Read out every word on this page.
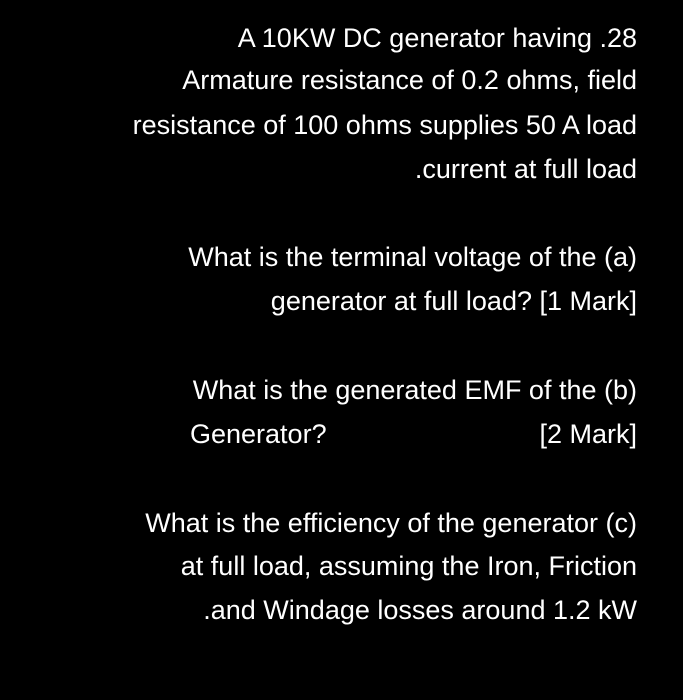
A 10KW DC generator having .28
Armature resistance of 0.2 ohms, field
resistance of 100 ohms supplies 50 A load
.current at full load
What is the terminal voltage of the (a)
generator at full load? [1 Mark]
What is the generated EMF of the (b)
Generator?	[2 Mark]
What is the efficiency of the generator (c)
at full load, assuming the Iron, Friction
.and Windage losses around 1.2 kW
